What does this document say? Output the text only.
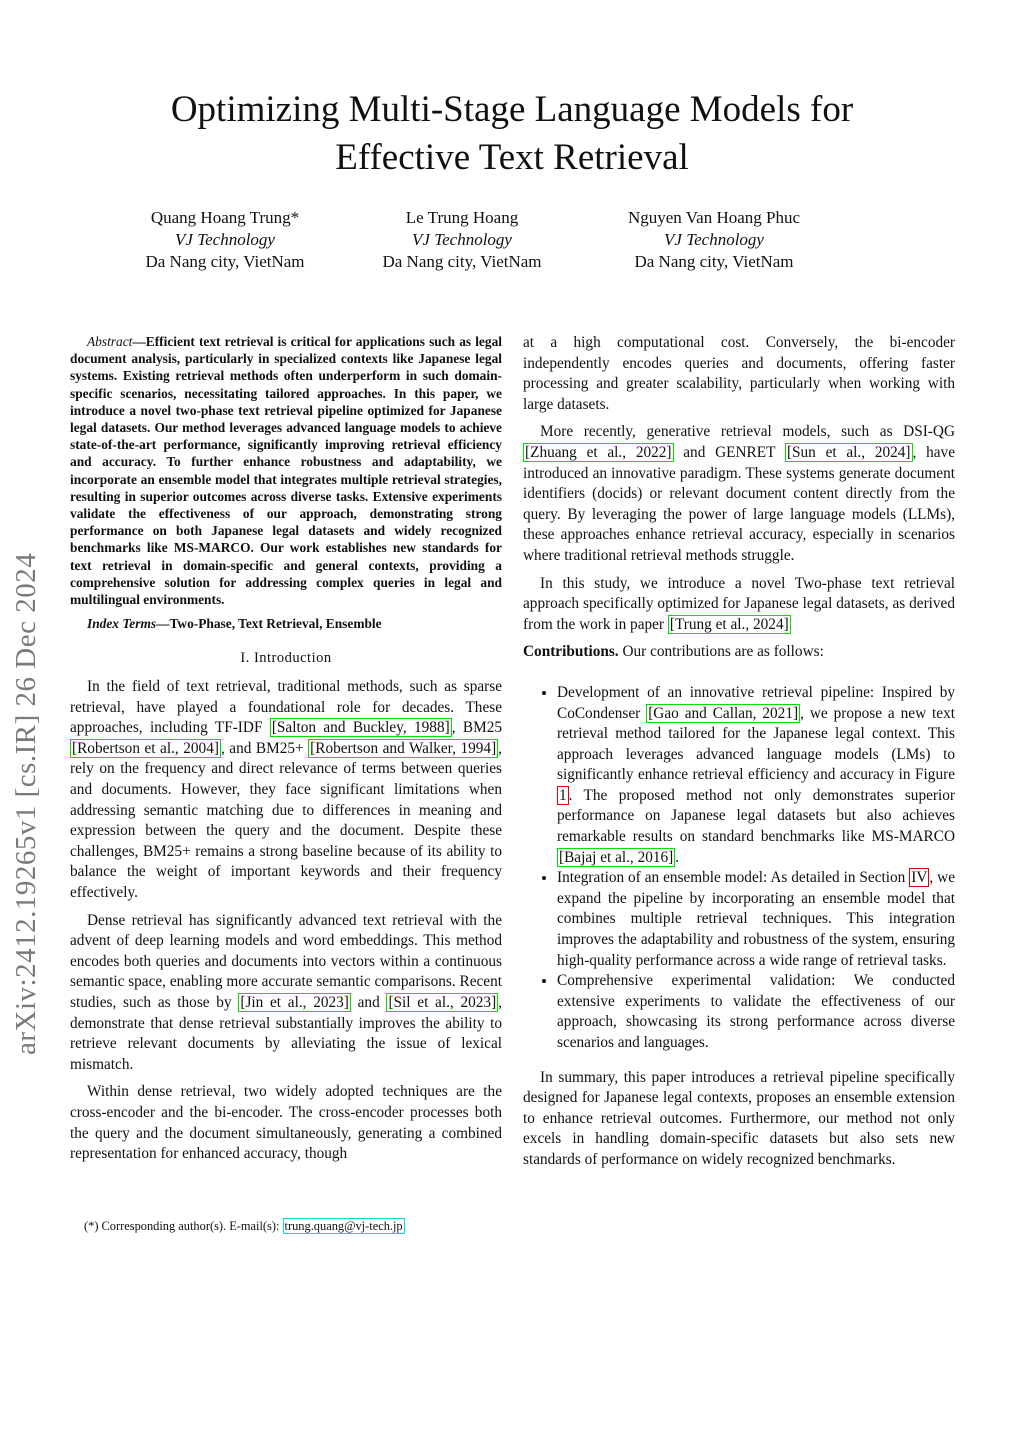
Optimizing Multi-Stage Language Models for
Effective Text Retrieval
Quang Hoang Trung*
VJ Technology
Da Nang city, VietNam
Le Trung Hoang
VJ Technology
Da Nang city, VietNam
Nguyen Van Hoang Phuc
VJ Technology
Da Nang city, VietNam
arXiv:2412.19265v1 [cs.IR] 26 Dec 2024

Abstract—Efficient text retrieval is critical for applications such as legal document analysis, particularly in specialized contexts like Japanese legal systems. Existing retrieval methods often underperform in such domain-specific scenarios, necessitating tailored approaches. In this paper, we introduce a novel two-phase text retrieval pipeline optimized for Japanese legal datasets. Our method leverages advanced language models to achieve state-of-the-art performance, significantly improving retrieval efficiency and accuracy. To further enhance robustness and adaptability, we incorporate an ensemble model that integrates multiple retrieval strategies, resulting in superior outcomes across diverse tasks. Extensive experiments validate the effectiveness of our approach, demonstrating strong performance on both Japanese legal datasets and widely recognized benchmarks like MS-MARCO. Our work establishes new standards for text retrieval in domain-specific and general contexts, providing a comprehensive solution for addressing complex queries in legal and multilingual environments.

Index Terms—Two-Phase, Text Retrieval, Ensemble

I. Introduction

In the field of text retrieval, traditional methods, such as sparse retrieval, have played a foundational role for decades. These approaches, including TF-IDF [Salton and Buckley, 1988] , BM25 [Robertson et al., 2004] , and BM25+ [Robertson and Walker, 1994] , rely on the frequency and direct relevance of terms between queries and documents. However, they face significant limitations when addressing semantic matching due to differences in meaning and expression between the query and the document. Despite these challenges, BM25+ remains a strong baseline because of its ability to balance the weight of important keywords and their frequency effectively.

Dense retrieval has significantly advanced text retrieval with the advent of deep learning models and word embeddings. This method encodes both queries and documents into vectors within a continuous semantic space, enabling more accurate semantic comparisons. Recent studies, such as those by [Jin et al., 2023] and [Sil et al., 2023] , demonstrate that dense retrieval substantially improves the ability to retrieve relevant documents by alleviating the issue of lexical mismatch.

Within dense retrieval, two widely adopted techniques are the cross-encoder and the bi-encoder. The cross-encoder processes both the query and the document simultaneously, generating a combined representation for enhanced accuracy, though

at a high computational cost. Conversely, the bi-encoder independently encodes queries and documents, offering faster processing and greater scalability, particularly when working with large datasets.

More recently, generative retrieval models, such as DSI-QG [Zhuang et al., 2022] and GENRET [Sun et al., 2024] , have introduced an innovative paradigm. These systems generate document identifiers (docids) or relevant document content directly from the query. By leveraging the power of large language models (LLMs), these approaches enhance retrieval accuracy, especially in scenarios where traditional retrieval methods struggle.

In this study, we introduce a novel Two-phase text retrieval approach specifically optimized for Japanese legal datasets, as derived from the work in paper [Trung et al., 2024]

Contributions. Our contributions are as follows:

• Development of an innovative retrieval pipeline: Inspired by CoCondenser [Gao and Callan, 2021] , we propose a new text retrieval method tailored for the Japanese legal context. This approach leverages advanced language models (LMs) to significantly enhance retrieval efficiency and accuracy in Figure 1 . The proposed method not only demonstrates superior performance on Japanese legal datasets but also achieves remarkable results on standard benchmarks like MS-MARCO [Bajaj et al., 2016] .
• Integration of an ensemble model: As detailed in Section IV , we expand the pipeline by incorporating an ensemble model that combines multiple retrieval techniques. This integration improves the adaptability and robustness of the system, ensuring high-quality performance across a wide range of retrieval tasks.
• Comprehensive experimental validation: We conducted extensive experiments to validate the effectiveness of our approach, showcasing its strong performance across diverse scenarios and languages.

In summary, this paper introduces a retrieval pipeline specifically designed for Japanese legal contexts, proposes an ensemble extension to enhance retrieval outcomes. Furthermore, our method not only excels in handling domain-specific datasets but also sets new standards of performance on widely recognized benchmarks.

(*) Corresponding author(s). E-mail(s): trung.quang@vj-tech.jp
